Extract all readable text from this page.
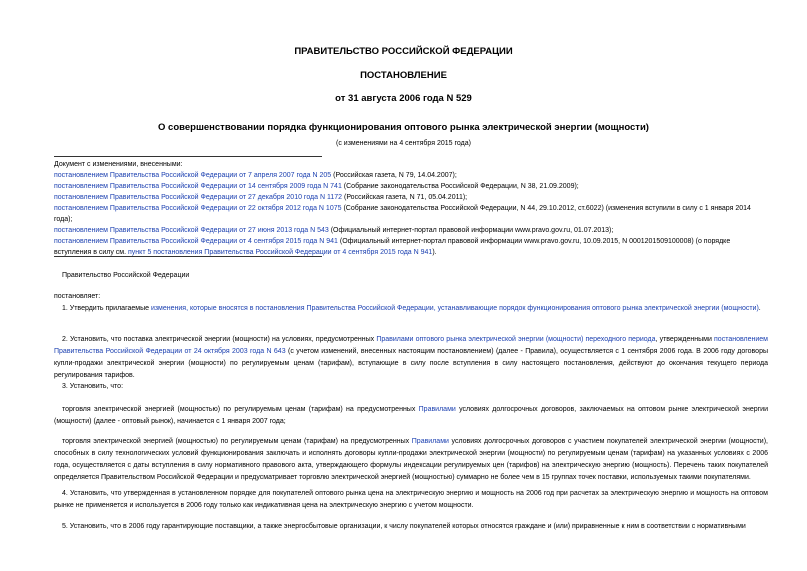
ПРАВИТЕЛЬСТВО РОССИЙСКОЙ ФЕДЕРАЦИИ
ПОСТАНОВЛЕНИЕ
от 31 августа 2006 года N 529
О совершенствовании порядка функционирования оптового рынка электрической энергии (мощности)
(с изменениями на 4 сентября 2015 года)

Документ с изменениями, внесенными:

постановлением Правительства Российской Федерации от 7 апреля 2007 года N 205 (Российская газета, N 79, 14.04.2007);

постановлением Правительства Российской Федерации от 14 сентября 2009 года N 741 (Собрание законодательства Российской Федерации, N 38, 21.09.2009);

постановлением Правительства Российской Федерации от 27 декабря 2010 года N 1172 (Российская газета, N 71, 05.04.2011);

постановлением Правительства Российской Федерации от 22 октября 2012 года N 1075 (Собрание законодательства Российской Федерации, N 44, 29.10.2012, ст.6022) (изменения вступили в силу с 1 января 2014 года);

постановлением Правительства Российской Федерации от 27 июня 2013 года N 543 (Официальный интернет-портал правовой информации www.pravo.gov.ru, 01.07.2013);

постановлением Правительства Российской Федерации от 4 сентября 2015 года N 941 (Официальный интернет-портал правовой информации www.pravo.gov.ru, 10.09.2015, N 0001201509100008) (о порядке вступления в силу см. пункт 5 постановления Правительства Российской Федерации от 4 сентября 2015 года N 941).

Правительство Российской Федерации

постановляет:

1. Утвердить прилагаемые изменения, которые вносятся в постановления Правительства Российской Федерации, устанавливающие порядок функционирования оптового рынка электрической энергии (мощности).

2. Установить, что поставка электрической энергии (мощности) на условиях, предусмотренных Правилами оптового рынка электрической энергии (мощности) переходного периода, утвержденными постановлением Правительства Российской Федерации от 24 октября 2003 года N 643 (с учетом изменений, внесенных настоящим постановлением) (далее - Правила), осуществляется с 1 сентября 2006 года. В 2006 году договоры купли-продажи электрической энергии (мощности) по регулируемым ценам (тарифам), вступающие в силу после вступления в силу настоящего постановления, действуют до окончания текущего периода регулирования тарифов.

3. Установить, что:

торговля электрической энергией (мощностью) по регулируемым ценам (тарифам) на предусмотренных Правилами условиях долгосрочных договоров, заключаемых на оптовом рынке электрической энергии (мощности) (далее - оптовый рынок), начинается с 1 января 2007 года;

торговля электрической энергией (мощностью) по регулируемым ценам (тарифам) на предусмотренных Правилами условиях долгосрочных договоров с участием покупателей электрической энергии (мощности), способных в силу технологических условий функционирования заключать и исполнять договоры купли-продажи электрической энергии (мощности) по регулируемым ценам (тарифам) на указанных условиях с 2006 года, осуществляется с даты вступления в силу нормативного правового акта, утверждающего формулы индексации регулируемых цен (тарифов) на электрическую энергию (мощность). Перечень таких покупателей определяется Правительством Российской Федерации и предусматривает торговлю электрической энергией (мощностью) суммарно не более чем в 15 группах точек поставки, используемых такими покупателями.

4. Установить, что утвержденная в установленном порядке для покупателей оптового рынка цена на электрическую энергию и мощность на 2006 год при расчетах за электрическую энергию и мощность на оптовом рынке не применяется и используется в 2006 году только как индикативная цена на электрическую энергию с учетом мощности.

5. Установить, что в 2006 году гарантирующие поставщики, а также энергосбытовые организации, к числу покупателей которых относятся граждане и (или) приравненные к ним в соответствии с нормативными
